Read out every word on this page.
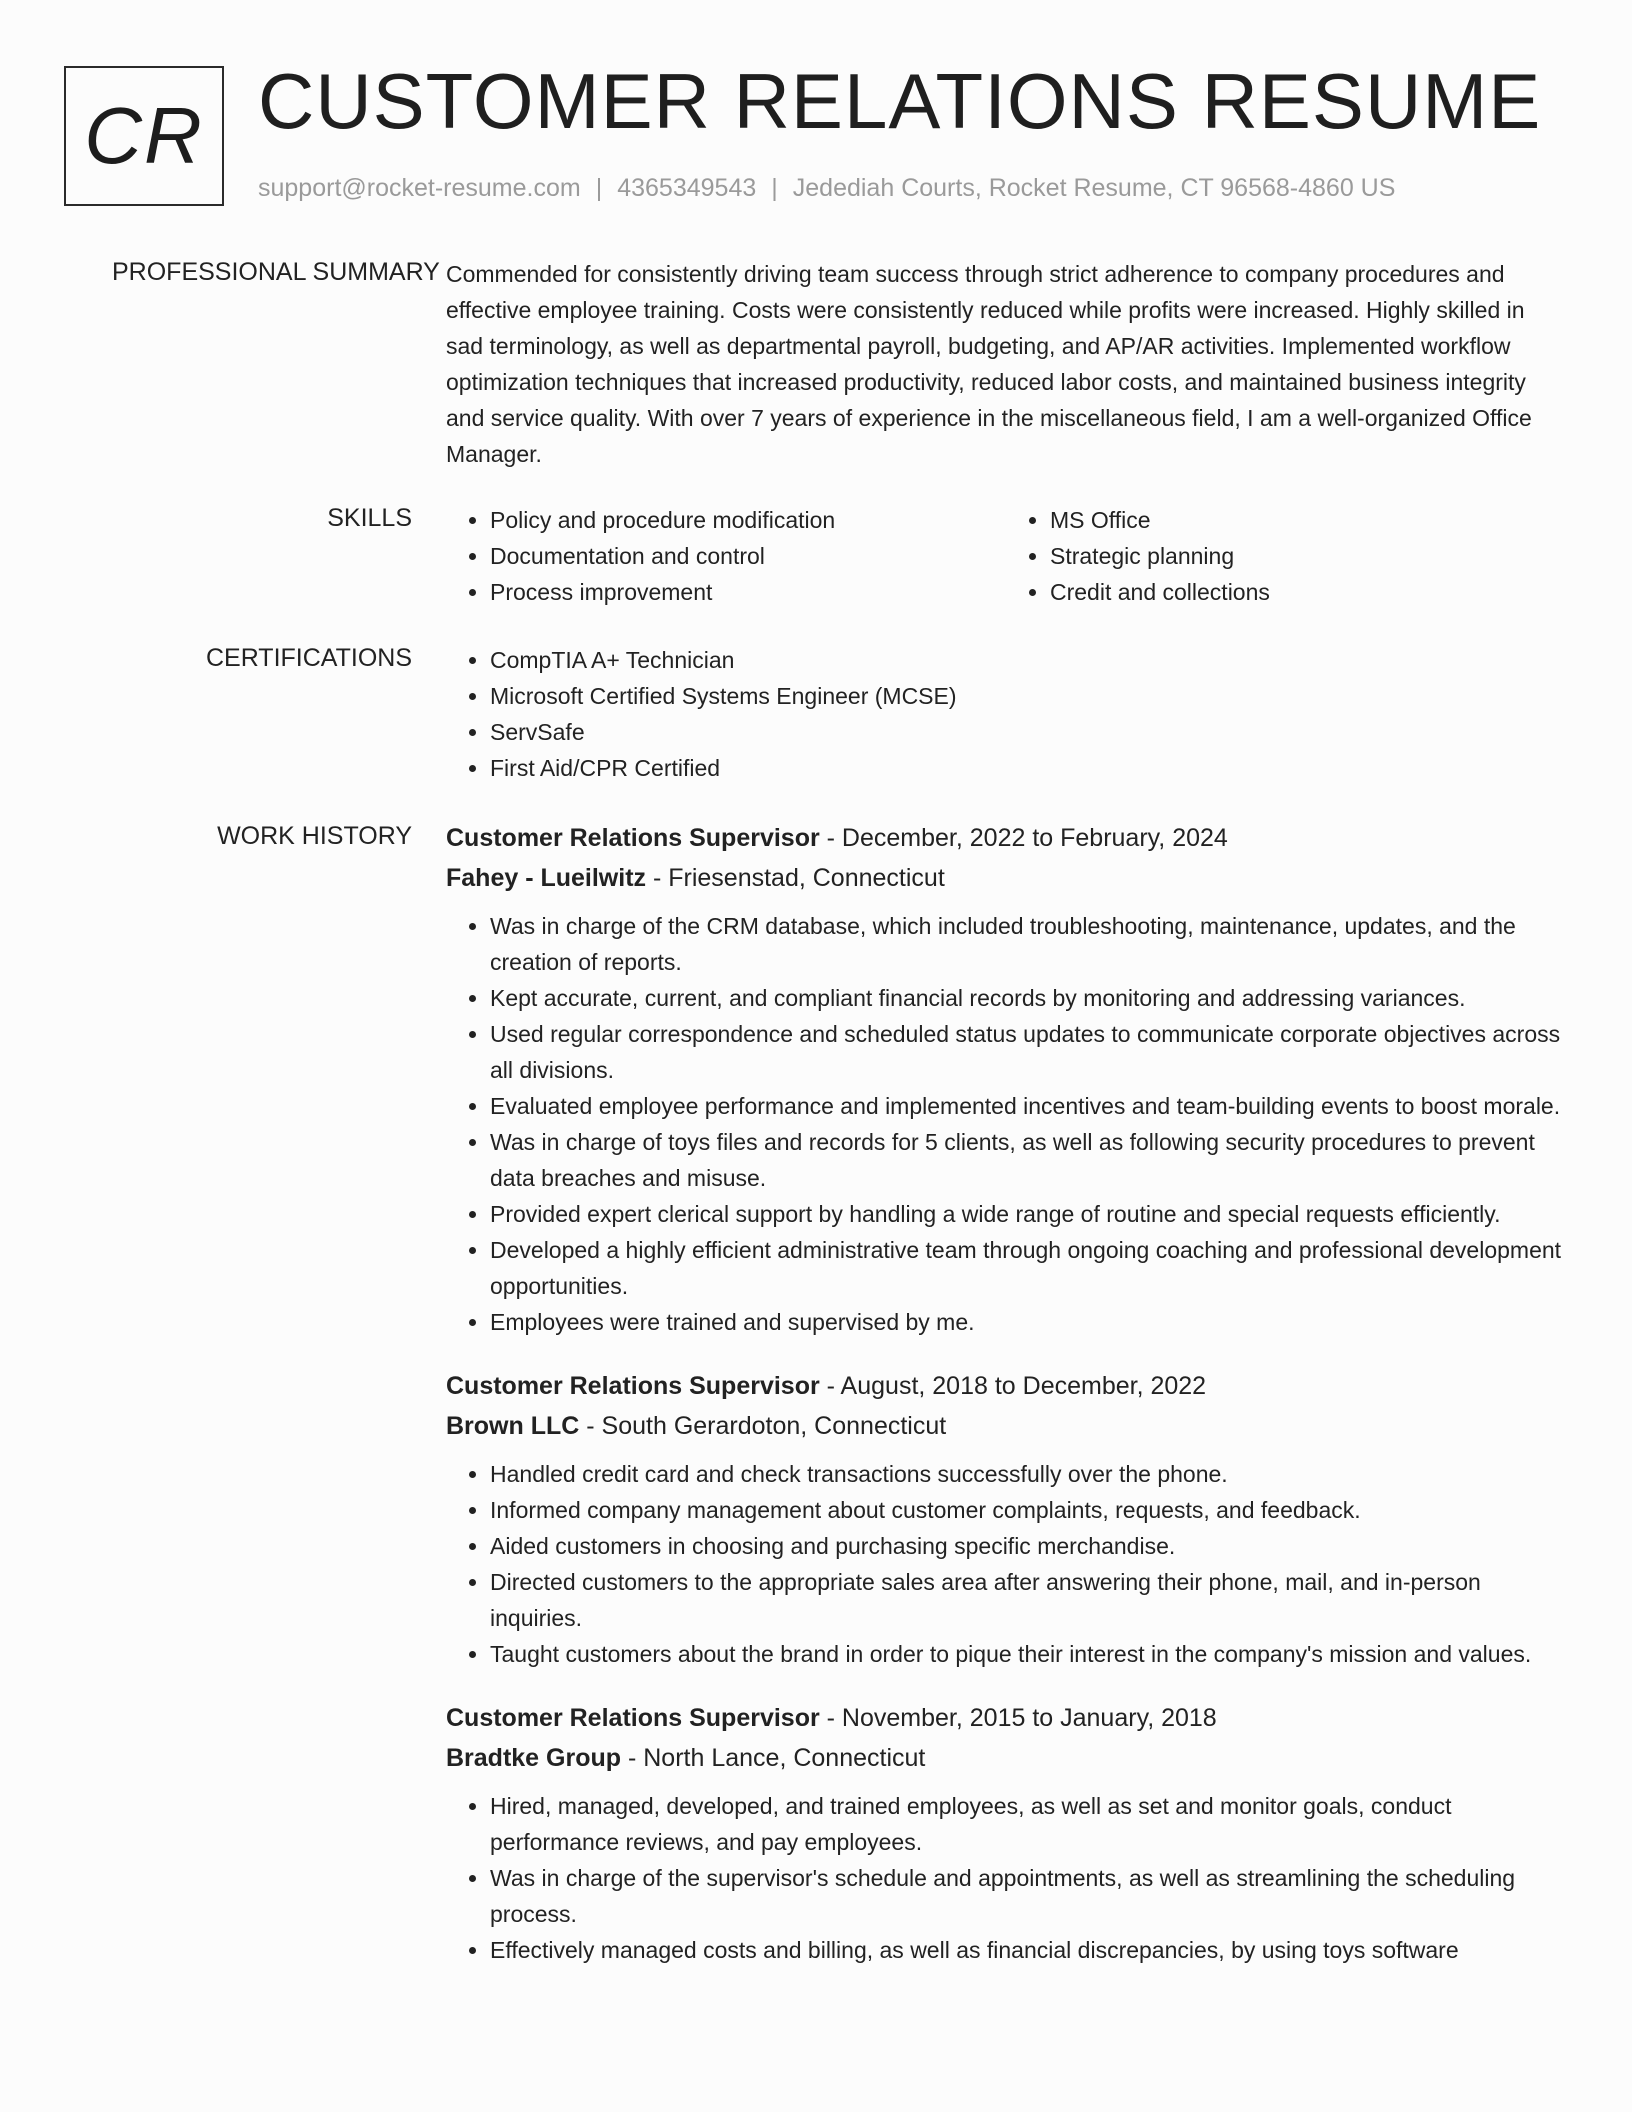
CR CUSTOMER RELATIONS RESUME
support@rocket-resume.com | 4365349543 | Jedediah Courts, Rocket Resume, CT 96568-4860 US
PROFESSIONAL SUMMARY Commended for consistently driving team success through strict adherence to company procedures and effective employee training. Costs were consistently reduced while profits were increased. Highly skilled in sad terminology, as well as departmental payroll, budgeting, and AP/AR activities. Implemented workflow optimization techniques that increased productivity, reduced labor costs, and maintained business integrity and service quality. With over 7 years of experience in the miscellaneous field, I am a well-organized Office Manager.

SKILLS	• Policy and procedure modification
• Documentation and control
• Process improvement
• MS Office
• Strategic planning
• Credit and collections
CERTIFICATIONS	• CompTIA A+ Technician
• Microsoft Certified Systems Engineer (MCSE)
• ServSafe
• First Aid/CPR Certified
WORK HISTORY Customer Relations Supervisor - December, 2022 to February, 2024
Fahey - Lueilwitz - Friesenstad, Connecticut
• Was in charge of the CRM database, which included troubleshooting, maintenance, updates, and the creation of reports.
• Kept accurate, current, and compliant financial records by monitoring and addressing variances.
• Used regular correspondence and scheduled status updates to communicate corporate objectives across all divisions.
• Evaluated employee performance and implemented incentives and team-building events to boost morale.
• Was in charge of toys files and records for 5 clients, as well as following security procedures to prevent data breaches and misuse.
• Provided expert clerical support by handling a wide range of routine and special requests efficiently.
• Developed a highly efficient administrative team through ongoing coaching and professional development opportunities.
• Employees were trained and supervised by me.
Customer Relations Supervisor - August, 2018 to December, 2022
Brown LLC - South Gerardoton, Connecticut
• Handled credit card and check transactions successfully over the phone.
• Informed company management about customer complaints, requests, and feedback.
• Aided customers in choosing and purchasing specific merchandise.
• Directed customers to the appropriate sales area after answering their phone, mail, and in-person inquiries.
• Taught customers about the brand in order to pique their interest in the company's mission and values.
Customer Relations Supervisor - November, 2015 to January, 2018
Bradtke Group - North Lance, Connecticut
• Hired, managed, developed, and trained employees, as well as set and monitor goals, conduct performance reviews, and pay employees.
• Was in charge of the supervisor's schedule and appointments, as well as streamlining the scheduling process.
• Effectively managed costs and billing, as well as financial discrepancies, by using toys software
